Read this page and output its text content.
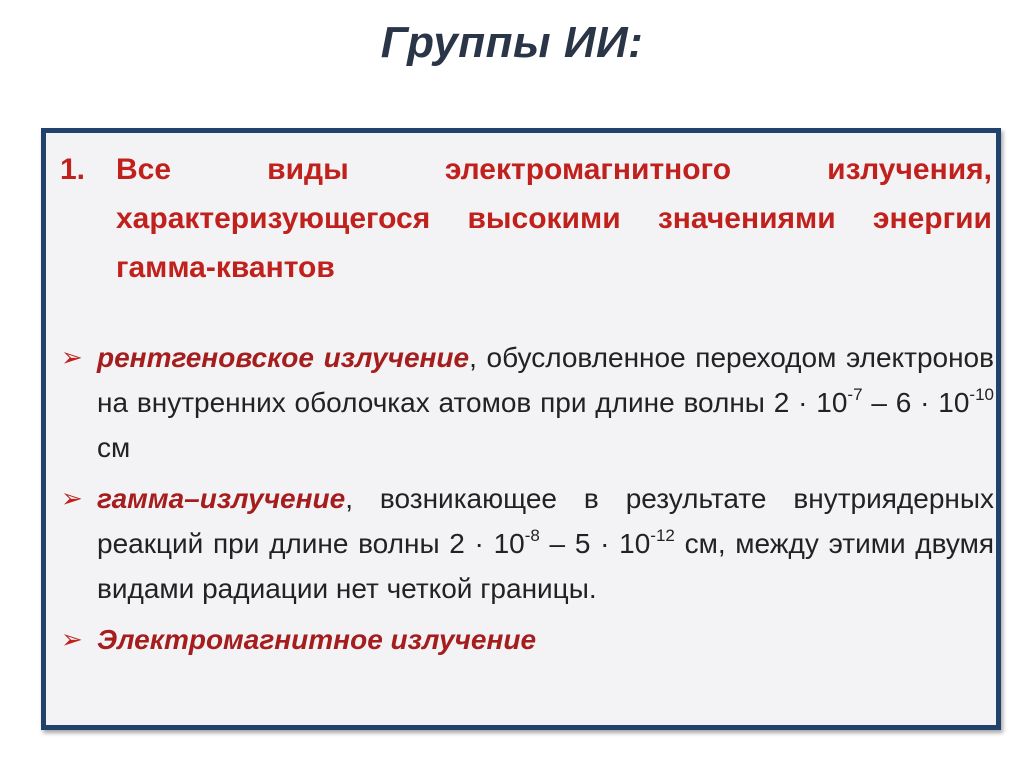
Группы ИИ:
1. Все виды электромагнитного излучения, характеризующегося высокими значениями энергии гамма-квантов
➢ рентгеновское излучение, обусловленное переходом электронов на внутренних оболочках атомов при длине волны $2 \cdot 10^{-7} - 6 \cdot 10^{-10}$ см
➢ гамма–излучение, возникающее в результате внутриядерных реакций при длине волны $2 \cdot 10^{-8} - 5 \cdot 10^{-12}$ см, между этими двумя видами радиации нет четкой границы.
➢ Электромагнитное излучение
